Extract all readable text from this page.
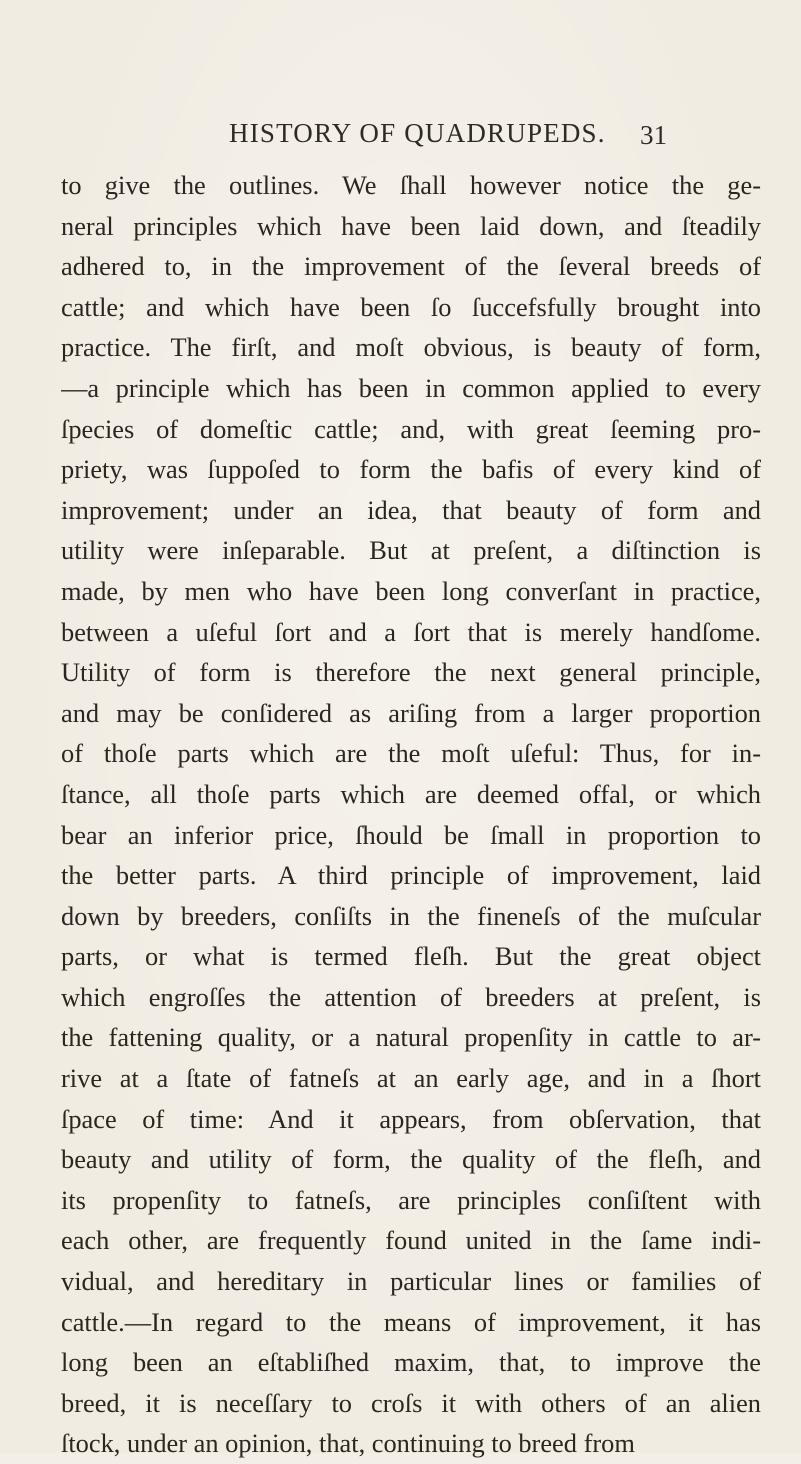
HISTORY OF QUADRUPEDS. 31
to give the outlines. We ſhall however notice the ge-
neral principles which have been laid down, and ſteadily
adhered to, in the improvement of the ſeveral breeds of
cattle; and which have been ſo ſuccefsfully brought into
practice. The firſt, and moſt obvious, is beauty of form,
—a principle which has been in common applied to every
ſpecies of domeſtic cattle; and, with great ſeeming pro-
priety, was ſuppoſed to form the bafis of every kind of
improvement; under an idea, that beauty of form and
utility were inſeparable. But at preſent, a diſtinction is
made, by men who have been long converſant in practice,
between a uſeful ſort and a ſort that is merely handſome.
Utility of form is therefore the next general principle,
and may be conſidered as ariſing from a larger proportion
of thoſe parts which are the moſt uſeful: Thus, for in-
ſtance, all thoſe parts which are deemed offal, or which
bear an inferior price, ſhould be ſmall in proportion to
the better parts. A third principle of improvement, laid
down by breeders, conſiſts in the fineneſs of the muſcular
parts, or what is termed fleſh. But the great object
which engroſſes the attention of breeders at preſent, is
the fattening quality, or a natural propenſity in cattle to ar-
rive at a ſtate of fatneſs at an early age, and in a ſhort
ſpace of time: And it appears, from obſervation, that
beauty and utility of form, the quality of the fleſh, and
its propenſity to fatneſs, are principles conſiſtent with
each other, are frequently found united in the ſame indi-
vidual, and hereditary in particular lines or families of
cattle.—In regard to the means of improvement, it has
long been an eſtabliſhed maxim, that, to improve the
breed, it is neceſſary to croſs it with others of an alien
ſtock, under an opinion, that, continuing to breed from
